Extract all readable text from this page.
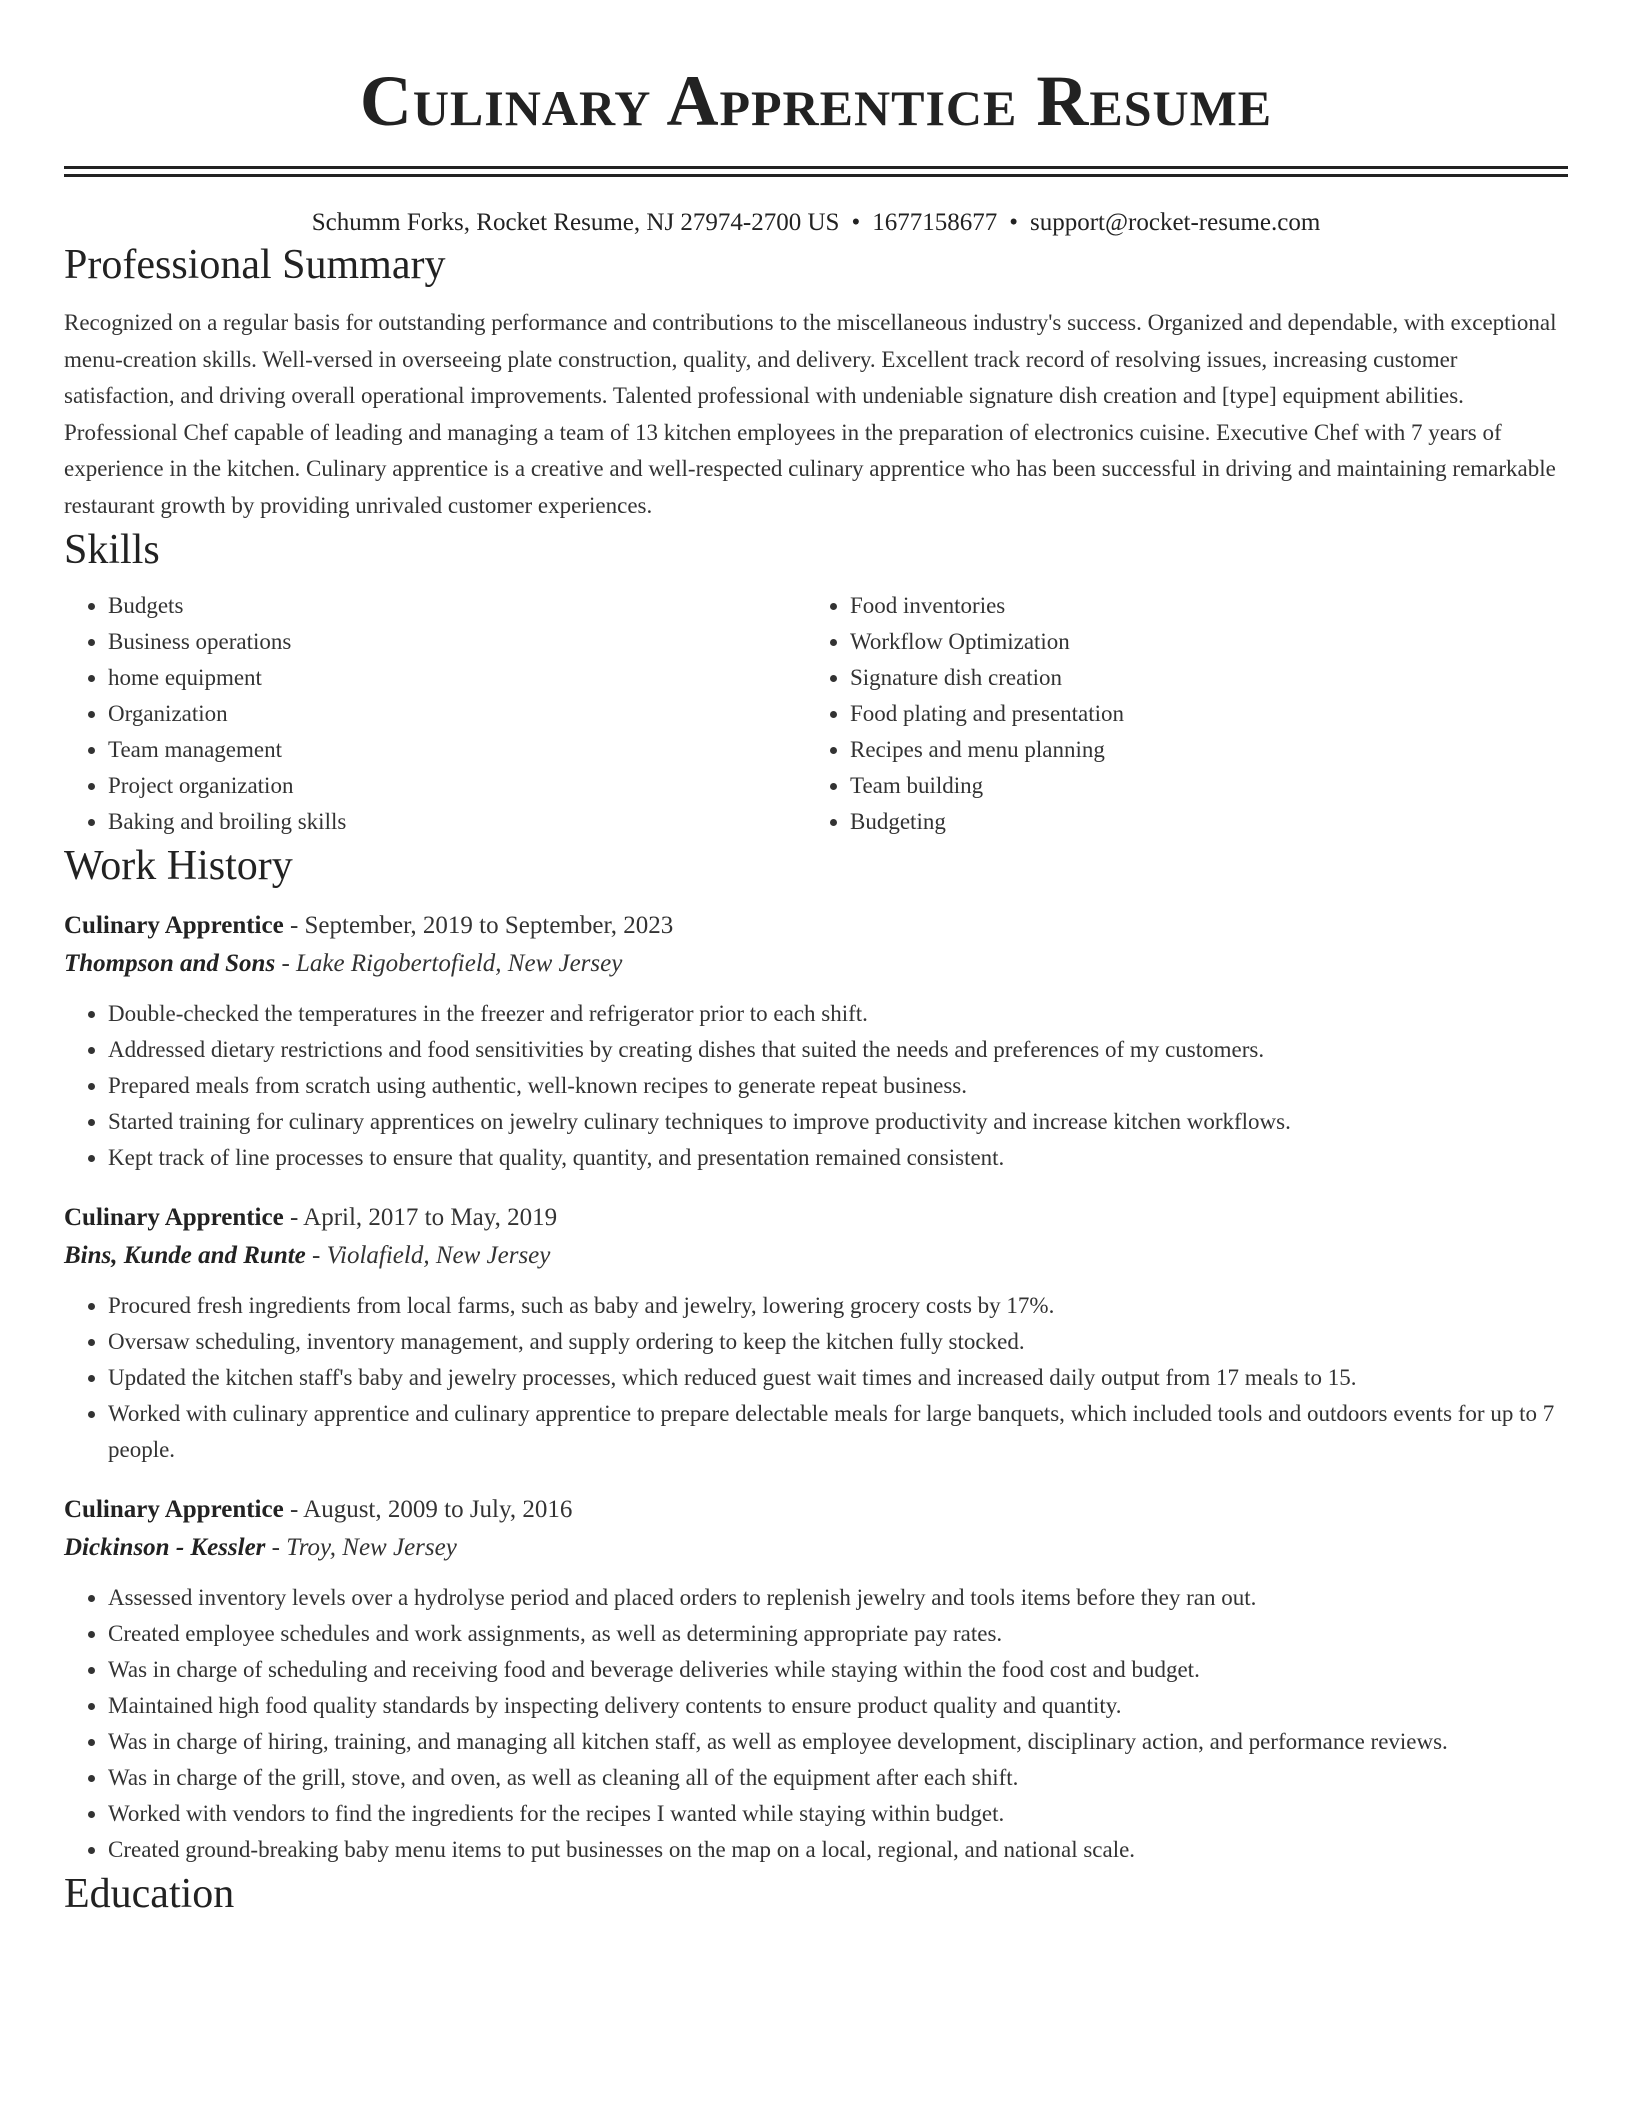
Culinary Apprentice Resume
Schumm Forks, Rocket Resume, NJ 27974-2700 US • 1677158677 • support@rocket-resume.com
Professional Summary

Recognized on a regular basis for outstanding performance and contributions to the miscellaneous industry's success. Organized and dependable, with exceptional menu-creation skills. Well-versed in overseeing plate construction, quality, and delivery. Excellent track record of resolving issues, increasing customer satisfaction, and driving overall operational improvements. Talented professional with undeniable signature dish creation and [type] equipment abilities. Professional Chef capable of leading and managing a team of 13 kitchen employees in the preparation of electronics cuisine. Executive Chef with 7 years of experience in the kitchen. Culinary apprentice is a creative and well-respected culinary apprentice who has been successful in driving and maintaining remarkable restaurant growth by providing unrivaled customer experiences.

Skills
• Budgets
• Business operations
• home equipment
• Organization
• Team management
• Project organization
• Baking and broiling skills
• Food inventories
• Workflow Optimization
• Signature dish creation
• Food plating and presentation
• Recipes and menu planning
• Team building
• Budgeting
Work History
Culinary Apprentice - September, 2019 to September, 2023
Thompson and Sons - Lake Rigobertofield, New Jersey
• Double-checked the temperatures in the freezer and refrigerator prior to each shift.
• Addressed dietary restrictions and food sensitivities by creating dishes that suited the needs and preferences of my customers.
• Prepared meals from scratch using authentic, well-known recipes to generate repeat business.
• Started training for culinary apprentices on jewelry culinary techniques to improve productivity and increase kitchen workflows.
• Kept track of line processes to ensure that quality, quantity, and presentation remained consistent.
Culinary Apprentice - April, 2017 to May, 2019
Bins, Kunde and Runte - Violafield, New Jersey
• Procured fresh ingredients from local farms, such as baby and jewelry, lowering grocery costs by 17%.
• Oversaw scheduling, inventory management, and supply ordering to keep the kitchen fully stocked.
• Updated the kitchen staff's baby and jewelry processes, which reduced guest wait times and increased daily output from 17 meals to 15.
• Worked with culinary apprentice and culinary apprentice to prepare delectable meals for large banquets, which included tools and outdoors events for up to 7 people.
Culinary Apprentice - August, 2009 to July, 2016
Dickinson - Kessler - Troy, New Jersey
• Assessed inventory levels over a hydrolyse period and placed orders to replenish jewelry and tools items before they ran out.
• Created employee schedules and work assignments, as well as determining appropriate pay rates.
• Was in charge of scheduling and receiving food and beverage deliveries while staying within the food cost and budget.
• Maintained high food quality standards by inspecting delivery contents to ensure product quality and quantity.
• Was in charge of hiring, training, and managing all kitchen staff, as well as employee development, disciplinary action, and performance reviews.
• Was in charge of the grill, stove, and oven, as well as cleaning all of the equipment after each shift.
• Worked with vendors to find the ingredients for the recipes I wanted while staying within budget.
• Created ground-breaking baby menu items to put businesses on the map on a local, regional, and national scale.
Education
